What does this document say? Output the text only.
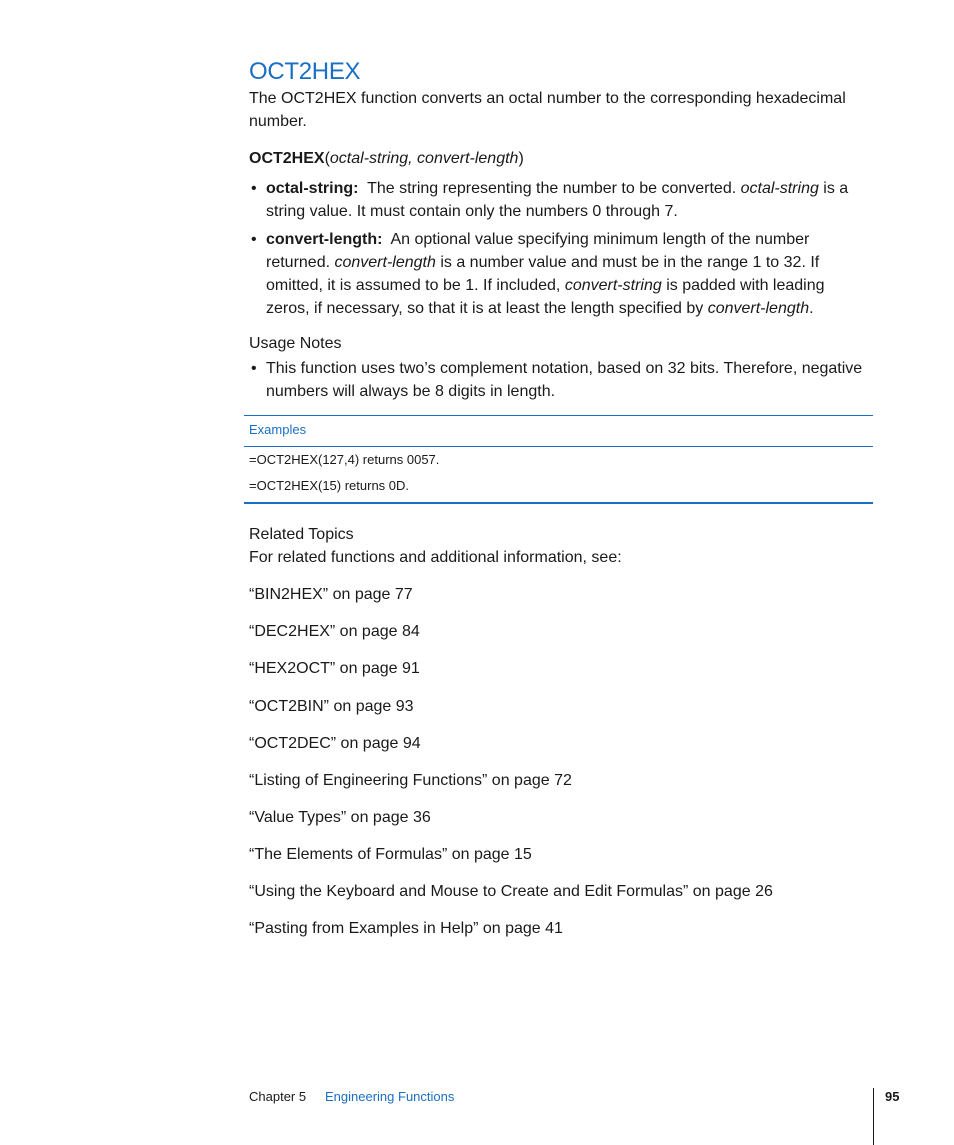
OCT2HEX
The OCT2HEX function converts an octal number to the corresponding hexadecimal number.
OCT2HEX(octal-string, convert-length)
• octal-string: The string representing the number to be converted. octal-string is a string value. It must contain only the numbers 0 through 7.
• convert-length: An optional value specifying minimum length of the number returned. convert-length is a number value and must be in the range 1 to 32. If omitted, it is assumed to be 1. If included, convert-string is padded with leading zeros, if necessary, so that it is at least the length specified by convert-length.
Usage Notes
• This function uses two’s complement notation, based on 32 bits. Therefore, negative numbers will always be 8 digits in length.
Examples
=OCT2HEX(127,4) returns 0057.
=OCT2HEX(15) returns 0D.
Related Topics
For related functions and additional information, see:
“BIN2HEX” on page 77
“DEC2HEX” on page 84
“HEX2OCT” on page 91
“OCT2BIN” on page 93
“OCT2DEC” on page 94
“Listing of Engineering Functions” on page 72
“Value Types” on page 36
“The Elements of Formulas” on page 15
“Using the Keyboard and Mouse to Create and Edit Formulas” on page 26
“Pasting from Examples in Help” on page 41
Chapter 5 Engineering Functions	95
